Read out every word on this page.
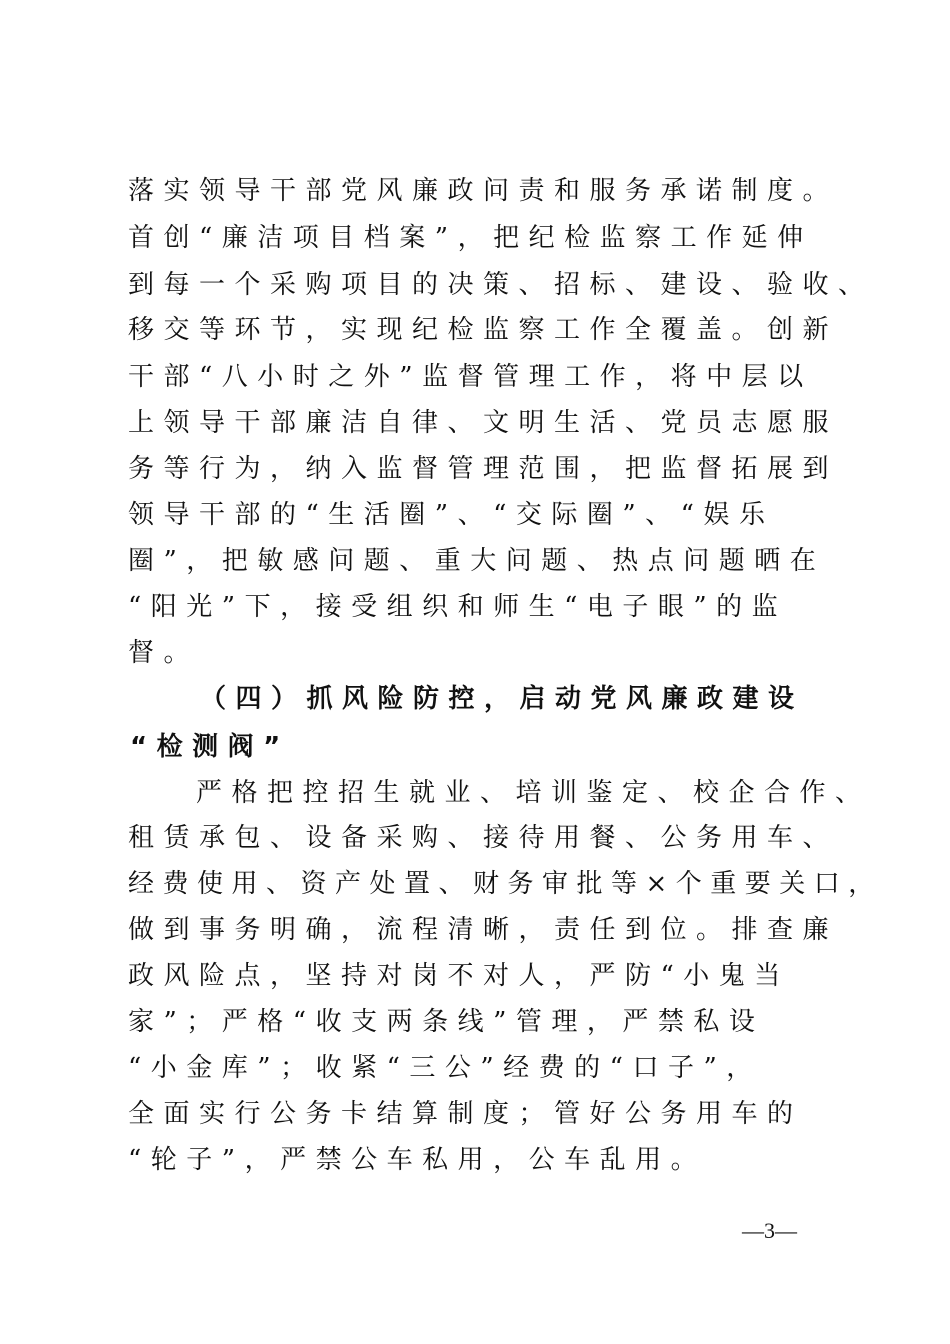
落实领导干部党风廉政问责和服务承诺制度。
首创“廉洁项目档案”，把纪检监察工作延伸
到每一个采购项目的决策、招标、建设、验收、
移交等环节，实现纪检监察工作全覆盖。创新
干部“八小时之外”监督管理工作，将中层以
上领导干部廉洁自律、文明生活、党员志愿服
务等行为，纳入监督管理范围，把监督拓展到
领导干部的“生活圈”、“交际圈”、“娱乐
圈”，把敏感问题、重大问题、热点问题晒在
“阳光”下，接受组织和师生“电子眼”的监
督。
（四）抓风险防控，启动党风廉政建设
“检测阀”
严格把控招生就业、培训鉴定、校企合作、
租赁承包、设备采购、接待用餐、公务用车、
经费使用、资产处置、财务审批等×个重要关口，
做到事务明确，流程清晰，责任到位。排查廉
政风险点，坚持对岗不对人，严防“小鬼当
家”；严格“收支两条线”管理，严禁私设
“小金库”；收紧“三公”经费的“口子”，
全面实行公务卡结算制度；管好公务用车的
“轮子”，严禁公车私用，公车乱用。
—3—
